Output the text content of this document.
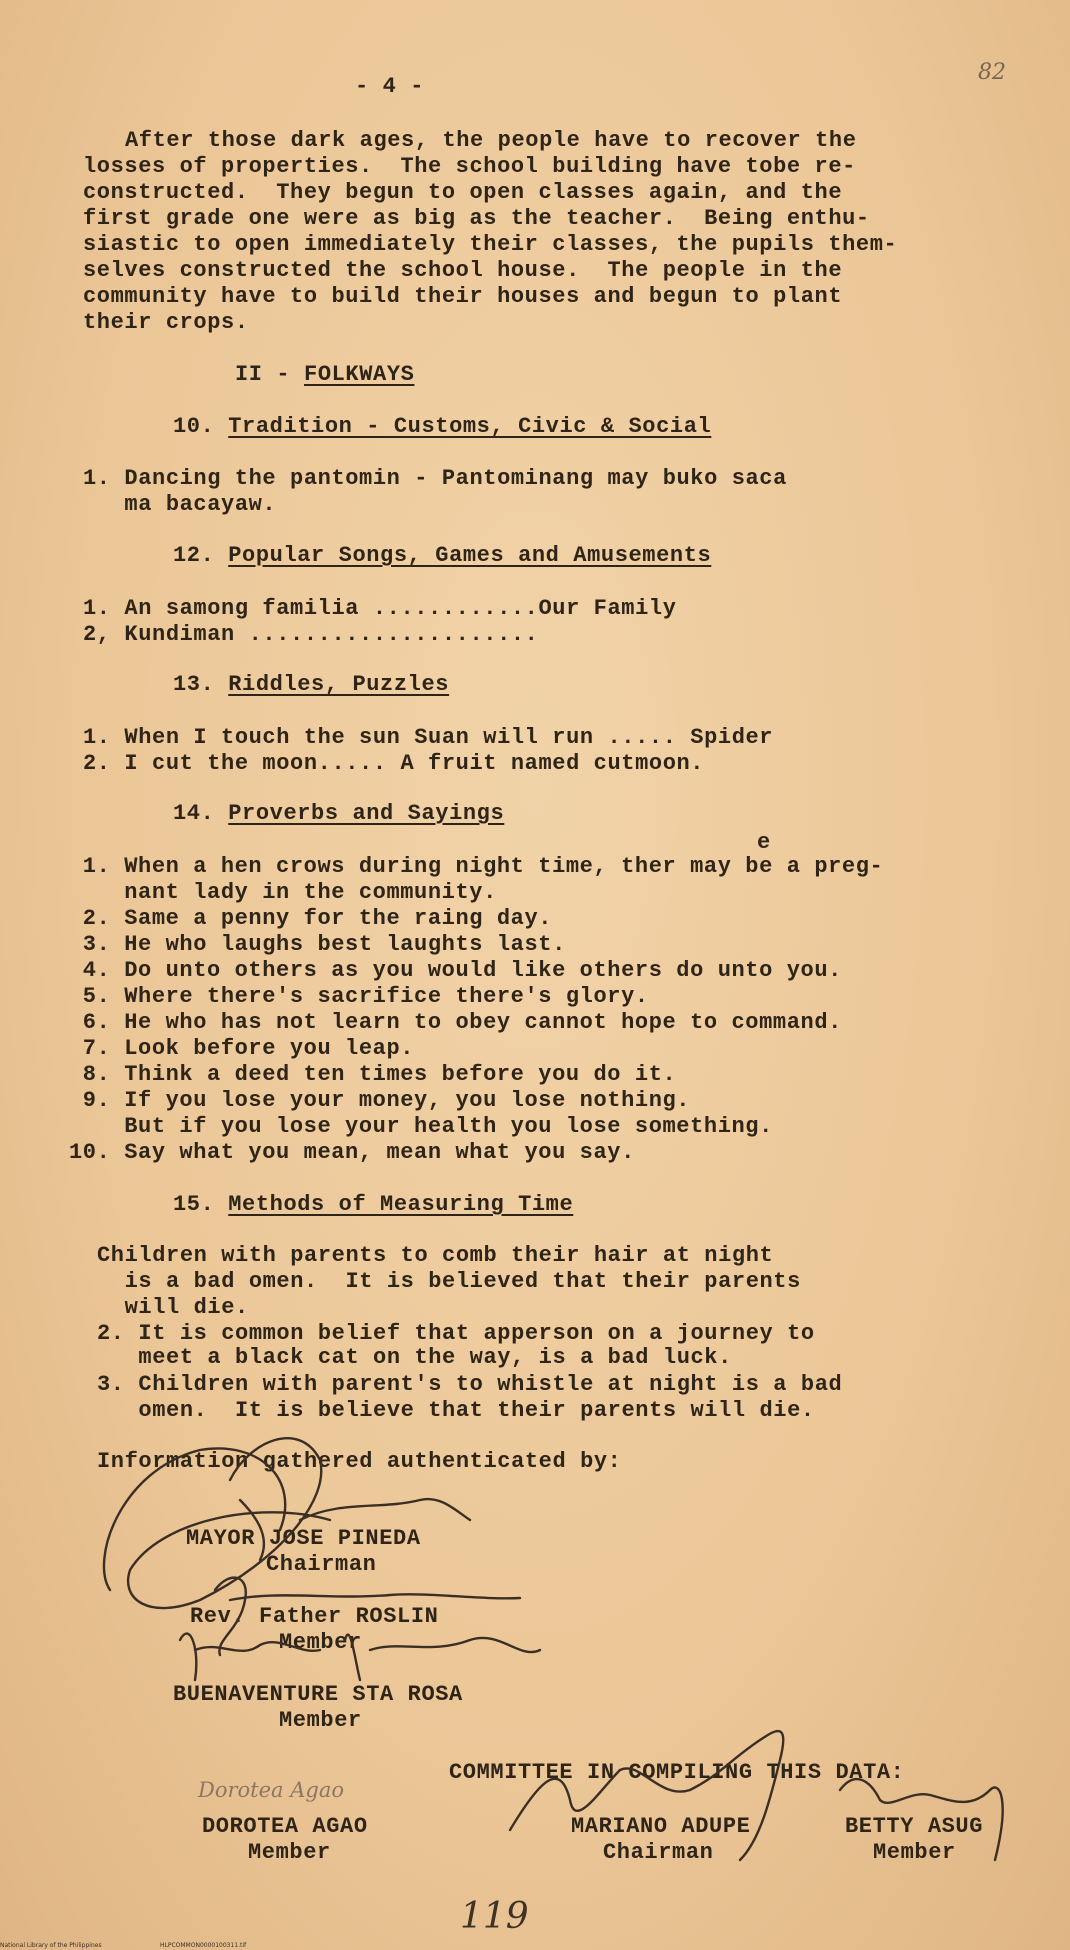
- 4 -
82
After those dark ages, the people have to recover the
losses of properties.  The school building have tobe re-
constructed.  They begun to open classes again, and the
first grade one were as big as the teacher.  Being enthu-
siastic to open immediately their classes, the pupils them-
selves constructed the school house.  The people in the
community have to build their houses and begun to plant
their crops.
II - FOLKWAYS
10. Tradition - Customs, Civic & Social
1. Dancing the pantomin - Pantominang may buko saca
ma bacayaw.
12. Popular Songs, Games and Amusements
1. An samong familia ............Our Family
2, Kundiman .....................
13. Riddles, Puzzles
1. When I touch the sun Suan will run ..... Spider
2. I cut the moon..... A fruit named cutmoon.
14. Proverbs and Sayings
e
1. When a hen crows during night time, ther may be a preg-
nant lady in the community.
2. Same a penny for the raing day.
3. He who laughs best laughts last.
4. Do unto others as you would like others do unto you.
5. Where there's sacrifice there's glory.
6. He who has not learn to obey cannot hope to command.
7. Look before you leap.
8. Think a deed ten times before you do it.
9. If you lose your money, you lose nothing.
But if you lose your health you lose something.
10. Say what you mean, mean what you say.
15. Methods of Measuring Time
Children with parents to comb their hair at night
is a bad omen.  It is believed that their parents
will die.
2. It is common belief that apperson on a journey to
meet a black cat on the way, is a bad luck.
3. Children with parent's to whistle at night is a bad
omen.  It is believe that their parents will die.
Information gathered authenticated by:
MAYOR JOSE PINEDA
Chairman
Rev. Father ROSLIN
Member
BUENAVENTURE STA ROSA
Member
COMMITTEE IN COMPILING THIS DATA:
Dorotea Agao
DOROTEA AGAO
Member
MARIANO ADUPE
Chairman
BETTY ASUG
Member
119
National Library of the Philippines	HLPCOMMON0000100311.tif
